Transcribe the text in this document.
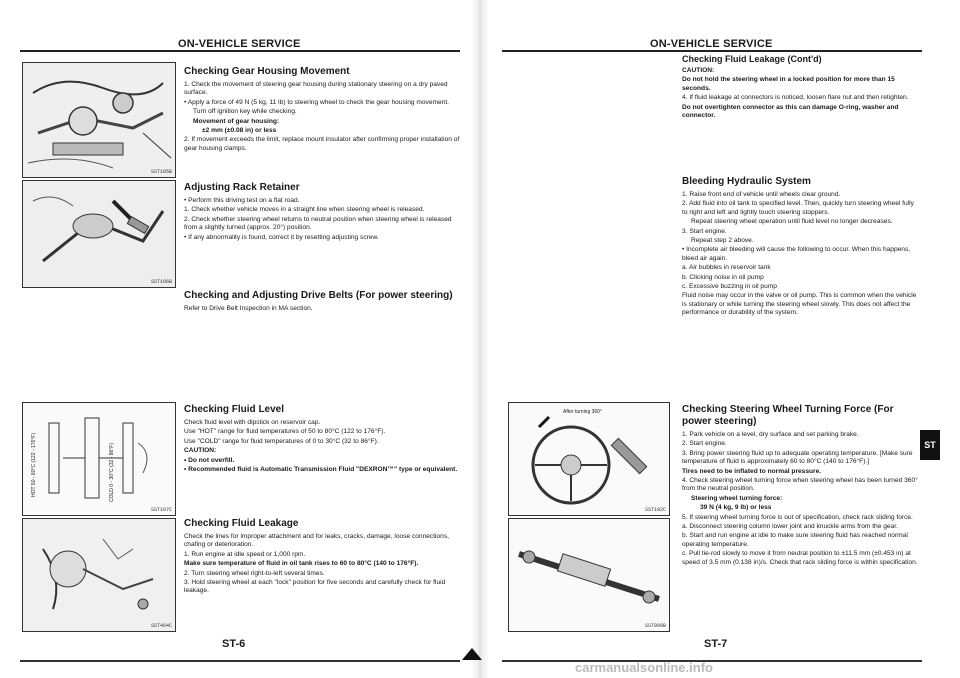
ON-VEHICLE SERVICE
SST105B
SST106B
HOT 50 - 80°C (122 - 176°F)	COLD 0 - 30°C (32 - 86°F)
SST107C
SST464C
Checking Gear Housing Movement

1. Check the movement of steering gear housing during stationary steering on a dry paved surface.

• Apply a force of 49 N (5 kg, 11 lb) to steering wheel to check the gear housing movement.

Turn off ignition key while checking.

Movement of gear housing:

±2 mm (±0.08 in) or less

2. If movement exceeds the limit, replace mount insulator after confirming proper installation of gear housing clamps.

Adjusting Rack Retainer

• Perform this driving test on a flat road.

1. Check whether vehicle moves in a straight line when steering wheel is released.

2. Check whether steering wheel returns to neutral position when steering wheel is released from a slightly turned (approx. 20°) position.

• If any abnormality is found, correct it by resetting adjusting screw.

Checking and Adjusting Drive Belts (For power steering)

Refer to Drive Belt Inspection in MA section.

Checking Fluid Level

Check fluid level with dipstick on reservoir cap.

Use "HOT" range for fluid temperatures of 50 to 80°C (122 to 176°F).

Use "COLD" range for fluid temperatures of 0 to 30°C (32 to 86°F).

CAUTION:

• Do not overfill.

• Recommended fluid is Automatic Transmission Fluid "DEXRON™" type or equivalent.

Checking Fluid Leakage

Check the lines for improper attachment and for leaks, cracks, damage, loose connections, chafing or deterioration.

1. Run engine at idle speed or 1,000 rpm.

Make sure temperature of fluid in oil tank rises to 60 to 80°C (140 to 176°F).

2. Turn steering wheel right-to-left several times.

3. Hold steering wheel at each "lock" position for five seconds and carefully check for fluid leakage.

ST-6
ON-VEHICLE SERVICE
Checking Fluid Leakage (Cont'd)

CAUTION:

Do not hold the steering wheel in a locked position for more than 15 seconds.

4. If fluid leakage at connectors is noticed, loosen flare nut and then retighten.

Do not overtighten connector as this can damage O-ring, washer and connector.

Bleeding Hydraulic System

1. Raise front end of vehicle until wheels clear ground.

2. Add fluid into oil tank to specified level. Then, quickly turn steering wheel fully to right and left and lightly touch steering stoppers.

Repeat steering wheel operation until fluid level no longer decreases.

3. Start engine.

Repeat step 2 above.

• Incomplete air bleeding will cause the following to occur. When this happens, bleed air again.

a. Air bubbles in reservoir tank

b. Clicking noise in oil pump

c. Excessive buzzing in oil pump

Fluid noise may occur in the valve or oil pump. This is common when the vehicle is stationary or while turning the steering wheel slowly. This does not affect the performance or durability of the system.

After turning 360°
SST102C
SST090B
Checking Steering Wheel Turning Force (For power steering)

1. Park vehicle on a level, dry surface and set parking brake.

2. Start engine.

3. Bring power steering fluid up to adequate operating temperature. [Make sure temperature of fluid is approximately 60 to 80°C (140 to 176°F).]

Tires need to be inflated to normal pressure.

4. Check steering wheel turning force when steering wheel has been turned 360° from the neutral position.

Steering wheel turning force:

39 N (4 kg, 9 lb) or less

5. If steering wheel turning force is out of specification, check rack sliding force.

a. Disconnect steering column lower joint and knuckle arms from the gear.

b. Start and run engine at idle to make sure steering fluid has reached normal operating temperature.

c. Pull tie-rod slowly to move it from neutral position to ±11.5 mm (±0.453 in) at speed of 3.5 mm (0.138 in)/s. Check that rack sliding force is within specification.

ST-7
ST
carmanualsonline.info
